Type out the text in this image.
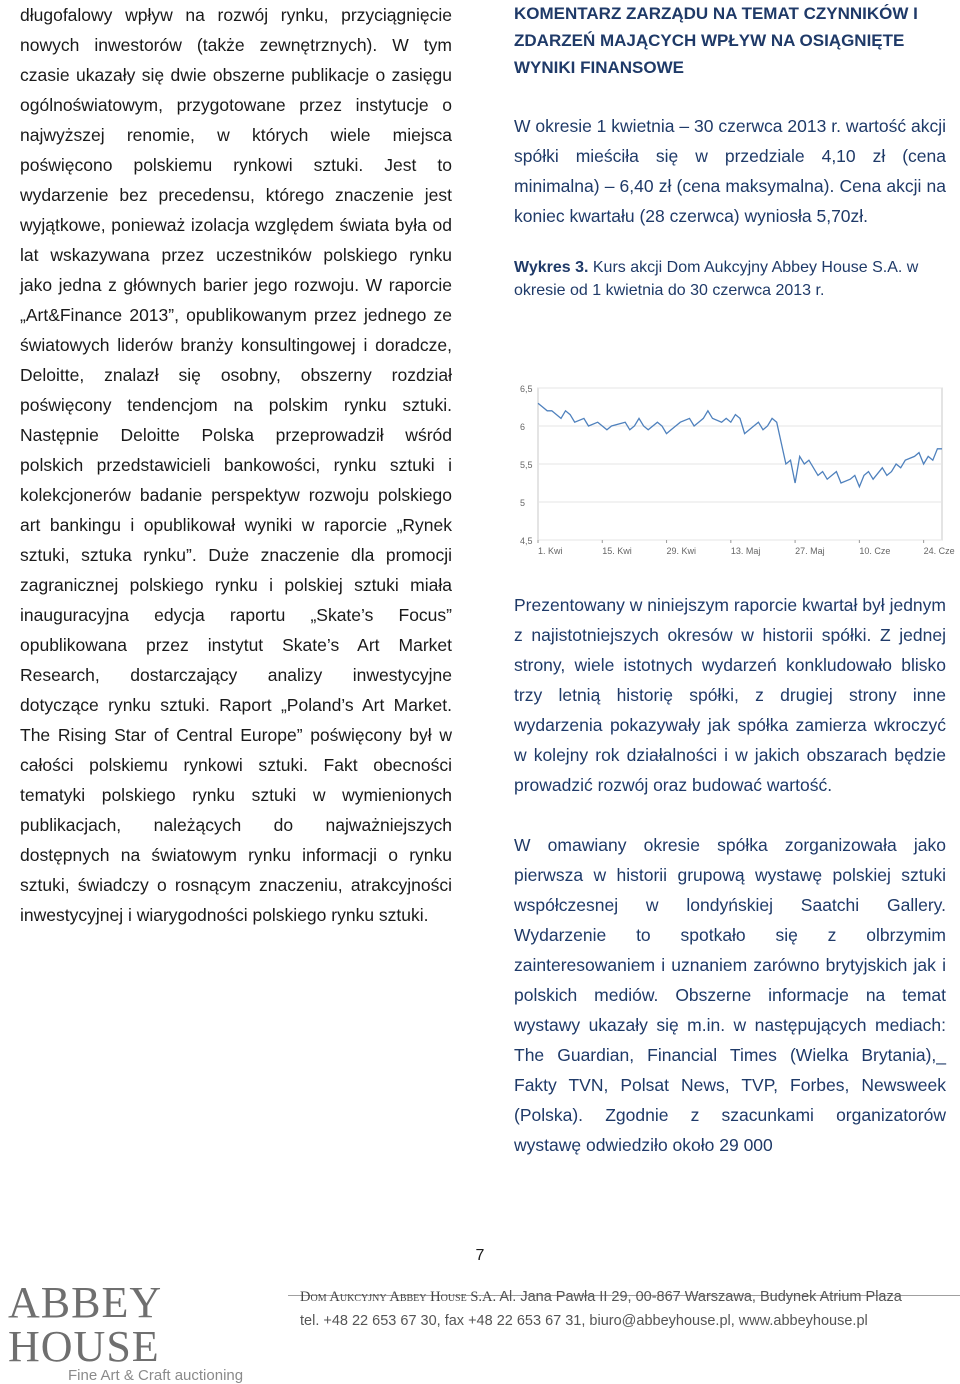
długofalowy wpływ na rozwój rynku, przyciągnięcie nowych inwestorów (także zewnętrznych). W tym czasie ukazały się dwie obszerne publikacje o zasięgu ogólnoświatowym, przygotowane przez instytucje o najwyższej renomie, w których wiele miejsca poświęcono polskiemu rynkowi sztuki. Jest to wydarzenie bez precedensu, którego znaczenie jest wyjątkowe, ponieważ izolacja względem świata była od lat wskazywana przez uczestników polskiego rynku jako jedna z głównych barier jego rozwoju. W raporcie „Art&Finance 2013”, opublikowanym przez jednego ze światowych liderów branży konsultingowej i doradcze, Deloitte, znalazł się osobny, obszerny rozdział poświęcony tendencjom na polskim rynku sztuki. Następnie Deloitte Polska przeprowadził wśród polskich przedstawicieli bankowości, rynku sztuki i kolekcjonerów badanie perspektyw rozwoju polskiego art bankingu i opublikował wyniki w raporcie „Rynek sztuki, sztuka rynku”. Duże znaczenie dla promocji zagranicznej polskiego rynku i polskiej sztuki miała inauguracyjna edycja raportu „Skate’s Focus” opublikowana przez instytut Skate’s Art Market Research, dostarczający analizy inwestycyjne dotyczące rynku sztuki. Raport „Poland’s Art Market. The Rising Star of Central Europe” poświęcony był w całości polskiemu rynkowi sztuki. Fakt obecności tematyki polskiego rynku sztuki w wymienionych publikacjach, należących do najważniejszych dostępnych na światowym rynku informacji o rynku sztuki, świadczy o rosnącym znaczeniu, atrakcyjności inwestycyjnej i wiarygodności polskiego rynku sztuki.

KOMENTARZ ZARZĄDU NA TEMAT CZYNNIKÓW I ZDARZEŃ MAJĄCYCH WPŁYW NA OSIĄGNIĘTE WYNIKI FINANSOWE

W okresie 1 kwietnia – 30 czerwca 2013 r. wartość akcji spółki mieściła się w przedziale 4,10 zł (cena minimalna) – 6,40 zł (cena maksymalna). Cena akcji na koniec kwartału (28 czerwca) wyniosła 5,70zł.

Wykres 3. Kurs akcji Dom Aukcyjny Abbey House S.A. w okresie od 1 kwietnia do 30 czerwca 2013 r.

6,5
6
5,5
5
4,5
1. Kwi	15. Kwi	29. Kwi	13. Maj	27. Maj	10. Cze	24. Cze

Prezentowany w niniejszym raporcie kwartał był jednym z najistotniejszych okresów w historii spółki. Z jednej strony, wiele istotnych wydarzeń konkludowało blisko trzy letnią historię spółki, z drugiej strony inne wydarzenia pokazywały jak spółka zamierza wkroczyć w kolejny rok działalności i w jakich obszarach będzie prowadzić rozwój oraz budować wartość.

W omawiany okresie spółka zorganizowała jako pierwsza w historii grupową wystawę polskiej sztuki współczesnej w londyńskiej Saatchi Gallery. Wydarzenie to spotkało się z olbrzymim zainteresowaniem i uznaniem zarówno brytyjskich jak i polskich mediów. Obszerne informacje na temat wystawy ukazały się m.in. w następujących mediach: The Guardian, Financial Times (Wielka Brytania),_ Fakty TVN, Polsat News, TVP, Forbes, Newsweek (Polska). Zgodnie z szacunkami organizatorów wystawę odwiedziło około 29 000

7
ABBEY HOUSE
Fine Art & Craft auctioning
Dom Aukcyjny Abbey House S.A. Al. Jana Pawła II 29, 00-867 Warszawa, Budynek Atrium Plaza
tel. +48 22 653 67 30, fax +48 22 653 67 31, biuro@abbeyhouse.pl, www.abbeyhouse.pl
